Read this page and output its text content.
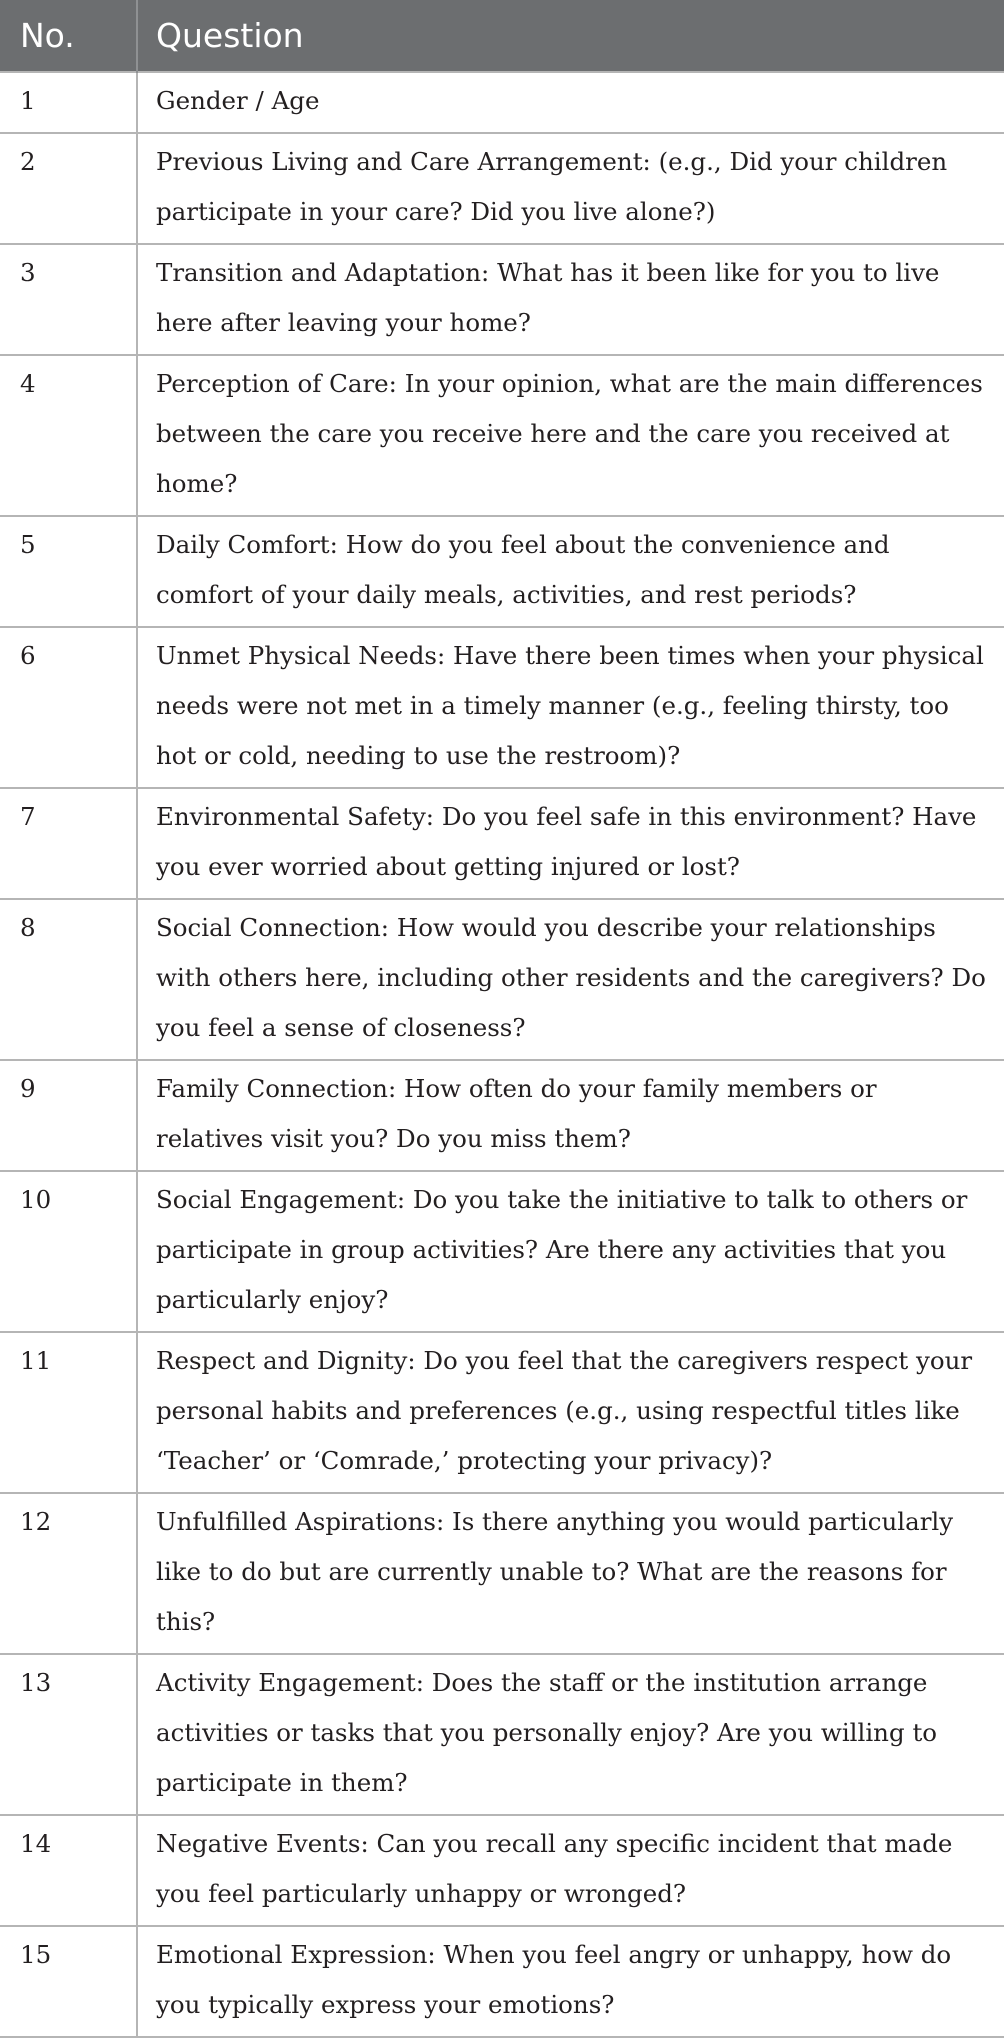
No.	Question
1	Gender / Age
2	Previous Living and Care Arrangement: (e.g., Did your children participate in your care? Did you live alone?)
3	Transition and Adaptation: What has it been like for you to live here after leaving your home?
4	Perception of Care: In your opinion, what are the main differences between the care you receive here and the care you received at home?
5	Daily Comfort: How do you feel about the convenience and comfort of your daily meals, activities, and rest periods?
6	Unmet Physical Needs: Have there been times when your physical needs were not met in a timely manner (e.g., feeling thirsty, too hot or cold, needing to use the restroom)?
7	Environmental Safety: Do you feel safe in this environment? Have you ever worried about getting injured or lost?
8	Social Connection: How would you describe your relationships with others here, including other residents and the caregivers? Do you feel a sense of closeness?
9	Family Connection: How often do your family members or relatives visit you? Do you miss them?
10	Social Engagement: Do you take the initiative to talk to others or participate in group activities? Are there any activities that you particularly enjoy?
11	Respect and Dignity: Do you feel that the caregivers respect your personal habits and preferences (e.g., using respectful titles like ‘Teacher’ or ‘Comrade,’ protecting your privacy)?
12	Unfulfilled Aspirations: Is there anything you would particularly like to do but are currently unable to? What are the reasons for this?
13	Activity Engagement: Does the staff or the institution arrange activities or tasks that you personally enjoy? Are you willing to participate in them?
14	Negative Events: Can you recall any specific incident that made you feel particularly unhappy or wronged?
15	Emotional Expression: When you feel angry or unhappy, how do you typically express your emotions?
